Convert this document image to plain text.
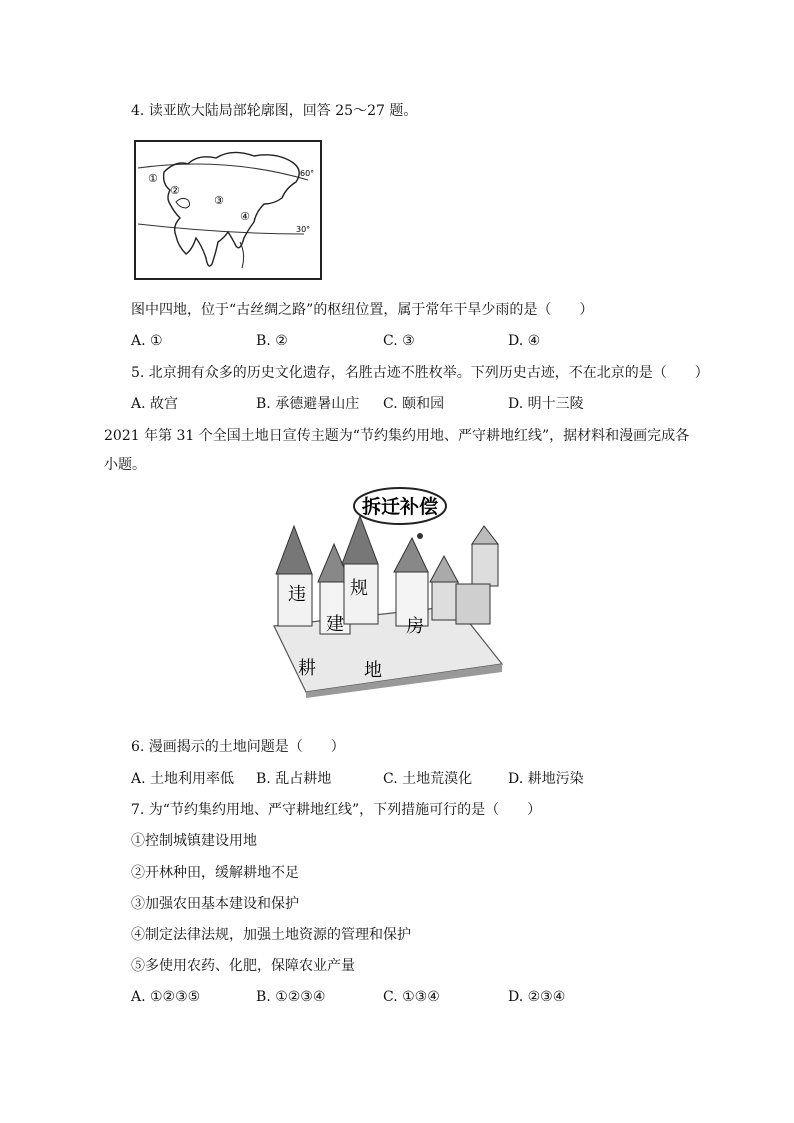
4. 读亚欧大陆局部轮廓图，回答 25～27 题。
①
②
③
④
60°
30°
图中四地，位于“古丝绸之路”的枢纽位置，属于常年干旱少雨的是（　　）
A. ①	B. ②	C. ③	D. ④
5. 北京拥有众多的历史文化遗存，名胜古迹不胜枚举。下列历史古迹，不在北京的是（　　）
A. 故宫	B. 承德避暑山庄 C. 颐和园	D. 明十三陵
2021 年第 31 个全国土地日宣传主题为“节约集约用地、严守耕地红线”，据材料和漫画完成各
小题。
拆迁补偿
违 规
建	房
耕	地
6. 漫画揭示的土地问题是（　　）
A. 土地利用率低 B. 乱占耕地	C. 土地荒漠化	D. 耕地污染
7. 为“节约集约用地、严守耕地红线”，下列措施可行的是（　　）
①控制城镇建设用地
②开林种田，缓解耕地不足
③加强农田基本建设和保护
④制定法律法规，加强土地资源的管理和保护
⑤多使用农药、化肥，保障农业产量
A. ①②③⑤	B. ①②③④	C. ①③④	D. ②③④
